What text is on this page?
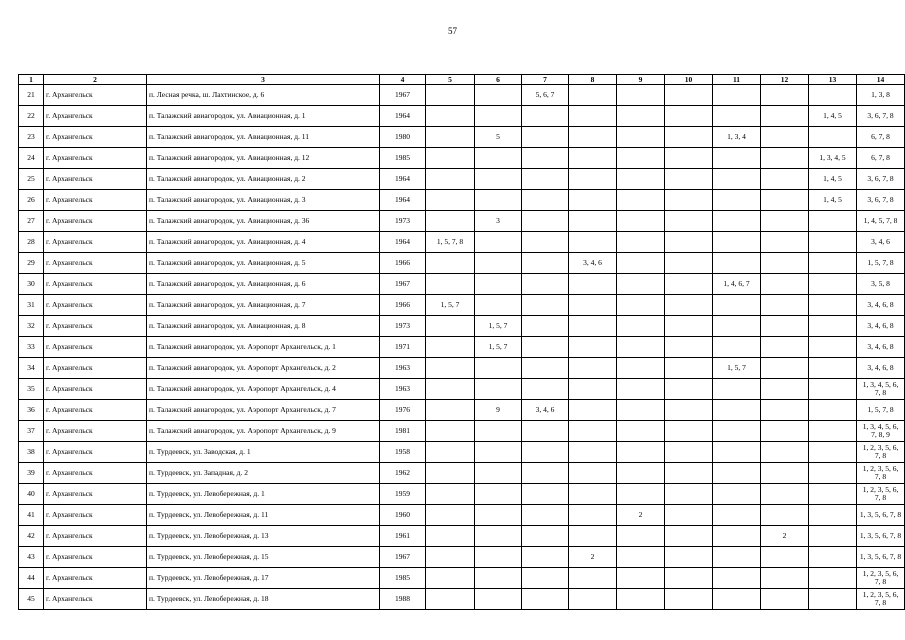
57
1	2	3	4	5	6	7	8	9	10	11	12	13	14
21	г. Архангельск	п. Лесная речка, ш. Лахтинское, д. 6	1967			5, 6, 7							1, 3, 8
22	г. Архангельск	п. Талажский авиагородок, ул. Авиационная, д. 1	1964									1, 4, 5	3, 6, 7, 8
23	г. Архангельск	п. Талажский авиагородок, ул. Авиационная, д. 11	1980		5					1, 3, 4			6, 7, 8
24	г. Архангельск	п. Талажский авиагородок, ул. Авиационная, д. 12	1985									1, 3, 4, 5	6, 7, 8
25	г. Архангельск	п. Талажский авиагородок, ул. Авиационная, д. 2	1964									1, 4, 5	3, 6, 7, 8
26	г. Архангельск	п. Талажский авиагородок, ул. Авиационная, д. 3	1964									1, 4, 5	3, 6, 7, 8
27	г. Архангельск	п. Талажский авиагородок, ул. Авиационная, д. 36	1973		3								1, 4, 5, 7, 8
28	г. Архангельск	п. Талажский авиагородок, ул. Авиационная, д. 4	1964	1, 5, 7, 8									3, 4, 6
29	г. Архангельск	п. Талажский авиагородок, ул. Авиационная, д. 5	1966				3, 4, 6						1, 5, 7, 8
30	г. Архангельск	п. Талажский авиагородок, ул. Авиационная, д. 6	1967							1, 4, 6, 7			3, 5, 8
31	г. Архангельск	п. Талажский авиагородок, ул. Авиационная, д. 7	1966	1, 5, 7									3, 4, 6, 8
32	г. Архангельск	п. Талажский авиагородок, ул. Авиационная, д. 8	1973		1, 5, 7								3, 4, 6, 8
33	г. Архангельск	п. Талажский авиагородок, ул. Аэропорт Архангельск, д. 1	1971		1, 5, 7								3, 4, 6, 8
34	г. Архангельск	п. Талажский авиагородок, ул. Аэропорт Архангельск, д. 2	1963							1, 5, 7			3, 4, 6, 8
35	г. Архангельск	п. Талажский авиагородок, ул. Аэропорт Архангельск, д. 4	1963										1, 3, 4, 5, 6, 7, 8
36	г. Архангельск	п. Талажский авиагородок, ул. Аэропорт Архангельск, д. 7	1976		9	3, 4, 6							1, 5, 7, 8
37	г. Архангельск	п. Талажский авиагородок, ул. Аэропорт Архангельск, д. 9	1981										1, 3, 4, 5, 6, 7, 8, 9
38	г. Архангельск	п. Турдеевск, ул. Заводская, д. 1	1958										1, 2, 3, 5, 6, 7, 8
39	г. Архангельск	п. Турдеевск, ул. Западная, д. 2	1962										1, 2, 3, 5, 6, 7, 8
40	г. Архангельск	п. Турдеевск, ул. Левобережная, д. 1	1959										1, 2, 3, 5, 6, 7, 8
41	г. Архангельск	п. Турдеевск, ул. Левобережная, д. 11	1960					2					1, 3, 5, 6, 7, 8
42	г. Архангельск	п. Турдеевск, ул. Левобережная, д. 13	1961								2		1, 3, 5, 6, 7, 8
43	г. Архангельск	п. Турдеевск, ул. Левобережная, д. 15	1967				2						1, 3, 5, 6, 7, 8
44	г. Архангельск	п. Турдеевск, ул. Левобережная, д. 17	1985										1, 2, 3, 5, 6, 7, 8
45	г. Архангельск	п. Турдеевск, ул. Левобережная, д. 18	1988										1, 2, 3, 5, 6, 7, 8
